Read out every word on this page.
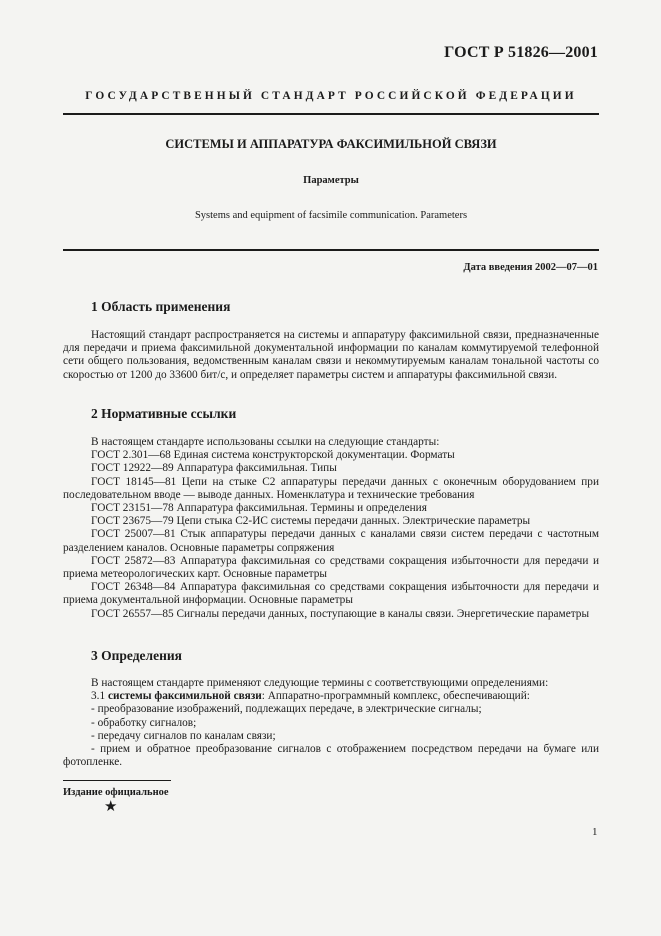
ГОСТ Р 51826—2001
ГОСУДАРСТВЕННЫЙ СТАНДАРТ РОССИЙСКОЙ ФЕДЕРАЦИИ
СИСТЕМЫ И АППАРАТУРА ФАКСИМИЛЬНОЙ СВЯЗИ
Параметры
Systems and equipment of facsimile communication. Parameters
Дата введения 2002—07—01
1 Область применения

Настоящий стандарт распространяется на системы и аппаратуру факсимильной связи, предназначенные для передачи и приема факсимильной документальной информации по каналам коммутируемой телефонной сети общего пользования, ведомственным каналам связи и некоммутируемым каналам тональной частоты со скоростью от 1200 до 33600 бит/с, и определяет параметры систем и аппаратуры факсимильной связи.

2 Нормативные ссылки

В настоящем стандарте использованы ссылки на следующие стандарты:

ГОСТ 2.301—68 Единая система конструкторской документации. Форматы

ГОСТ 12922—89 Аппаратура факсимильная. Типы

ГОСТ 18145—81 Цепи на стыке С2 аппаратуры передачи данных с оконечным оборудованием при последовательном вводе — выводе данных. Номенклатура и технические требования

ГОСТ 23151—78 Аппаратура факсимильная. Термины и определения

ГОСТ 23675—79 Цепи стыка С2-ИС системы передачи данных. Электрические параметры

ГОСТ 25007—81 Стык аппаратуры передачи данных с каналами связи систем передачи с частотным разделением каналов. Основные параметры сопряжения

ГОСТ 25872—83 Аппаратура факсимильная со средствами сокращения избыточности для передачи и приема метеорологических карт. Основные параметры

ГОСТ 26348—84 Аппаратура факсимильная со средствами сокращения избыточности для передачи и приема документальной информации. Основные параметры

ГОСТ 26557—85 Сигналы передачи данных, поступающие в каналы связи. Энергетические параметры

3 Определения

В настоящем стандарте применяют следующие термины с соответствующими определениями:

3.1 системы факсимильной связи: Аппаратно-программный комплекс, обеспечивающий:

- преобразование изображений, подлежащих передаче, в электрические сигналы;

- обработку сигналов;

- передачу сигналов по каналам связи;

- прием и обратное преобразование сигналов с отображением посредством передачи на бумаге или фотопленке.

Издание официальное
★
1
